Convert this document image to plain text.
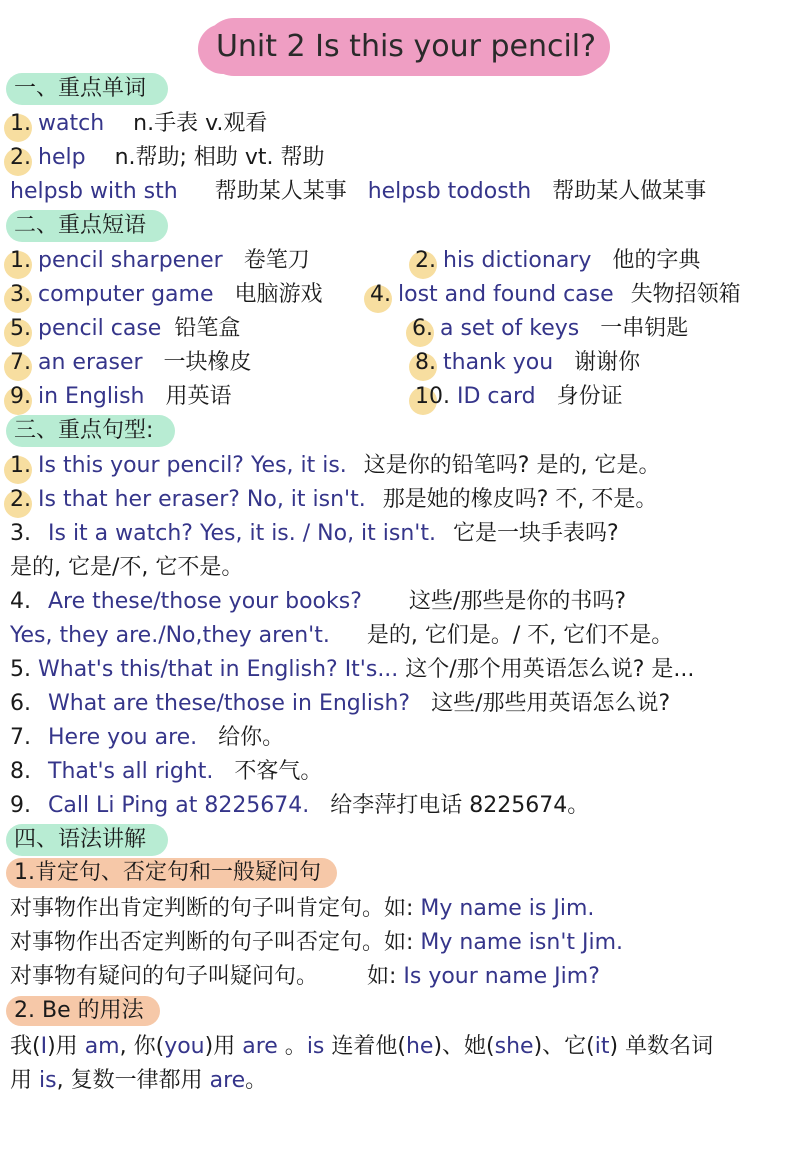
Unit 2 Is this your pencil?
一、重点单词
1. watch n.手表 v.观看
2. help n.帮助; 相助 vt. 帮助
helpsb with sth 帮助某人某事 helpsb todosth 帮助某人做某事
二、重点短语
1. pencil sharpener 卷笔刀	2. his dictionary 他的字典
3. computer game 电脑游戏 4. lost and found case 失物招领箱
5. pencil case 铅笔盒	6. a set of keys 一串钥匙
7. an eraser 一块橡皮	8. thank you 谢谢你
9. in English 用英语	10. ID card 身份证
三、重点句型:
1. Is this your pencil? Yes, it is. 这是你的铅笔吗? 是的, 它是。
2. Is that her eraser? No, it isn't. 那是她的橡皮吗? 不, 不是。
3. Is it a watch? Yes, it is. / No, it isn't. 它是一块手表吗?
是的, 它是/不, 它不是。
4. Are these/those your books? 这些/那些是你的书吗?
Yes, they are./No,they aren't. 是的, 它们是。/ 不, 它们不是。
5. What's this/that in English? It's... 这个/那个用英语怎么说? 是...
6. What are these/those in English? 这些/那些用英语怎么说?
7. Here you are. 给你。
8. That's all right. 不客气。
9. Call Li Ping at 8225674. 给李萍打电话 8225674。
四、语法讲解
1.肯定句、否定句和一般疑问句
对事物作出肯定判断的句子叫肯定句。如: My name is Jim.
对事物作出否定判断的句子叫否定句。如: My name isn't Jim.
对事物有疑问的句子叫疑问句。       如: Is your name Jim?
2. Be 的用法
我(I)用 am, 你(you)用 are 。is 连着他(he)、她(she)、它(it) 单数名词
用 is, 复数一律都用 are。
